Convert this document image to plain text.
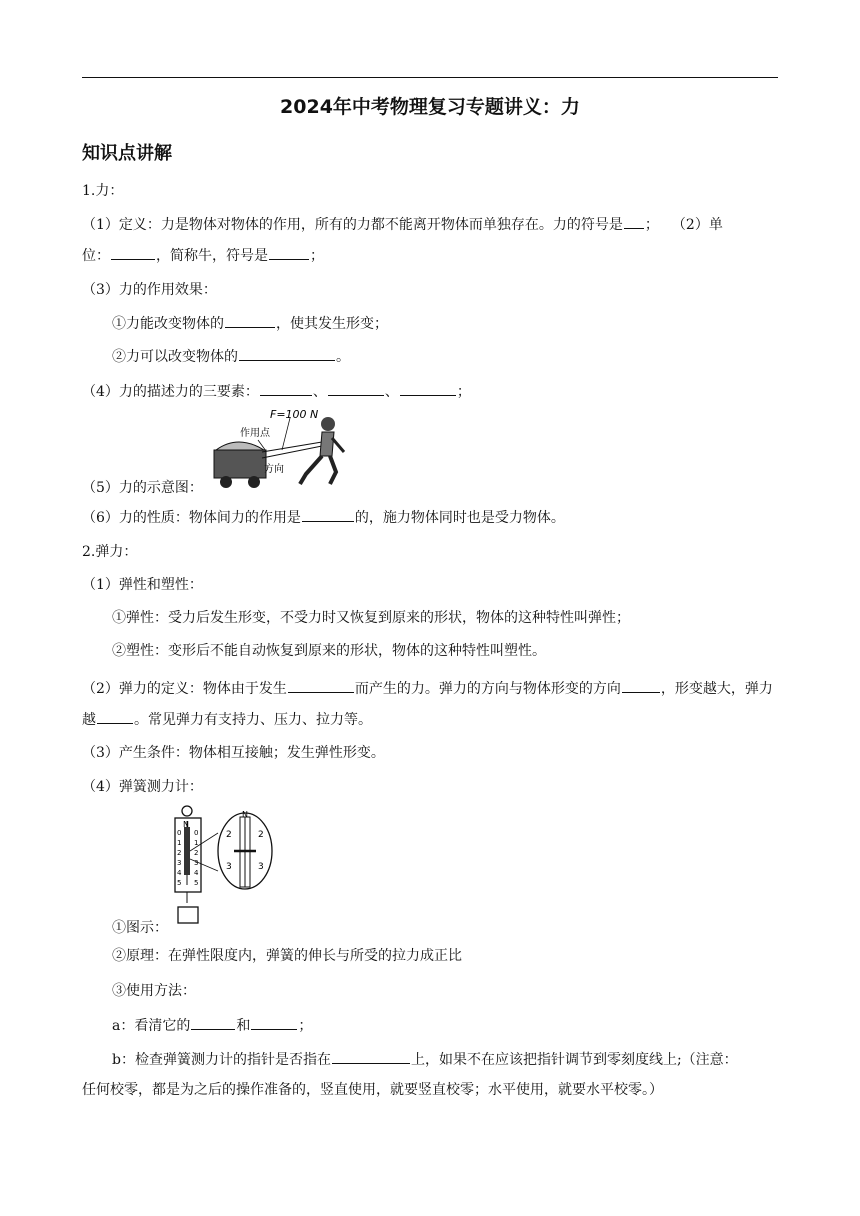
2024年中考物理复习专题讲义：力
知识点讲解
1.力：
（1）定义：力是物体对物体的作用，所有的力都不能离开物体而单独存在。力的符号是 ； （2）单
位：	，简称牛，符号是	；
（3）力的作用效果：
①力能改变物体的	，使其发生形变；
②力可以改变物体的	。
（4）力的描述力的三要素：	、	、	；
作用点
F=100 N
方向
（5）力的示意图：
（6）力的性质：物体间力的作用是	的，施力物体同时也是受力物体。
2.弹力：
（1）弹性和塑性：
①弹性：受力后发生形变，不受力时又恢复到原来的形状，物体的这种特性叫弹性；
②塑性：变形后不能自动恢复到原来的形状，物体的这种特性叫塑性。
（2）弹力的定义：物体由于发生	而产生的力。弹力的方向与物体形变的方向	，形变越大，弹力越	。常见弹力有支持力、压力、拉力等。
（3）产生条件：物体相互接触；发生弹性形变。
（4）弹簧测力计：
N
0
1
2
3
4
5
0
1
2
3
4
5
N
2	2
3	3
①图示：
②原理：在弹性限度内，弹簧的伸长与所受的拉力成正比
③使用方法：
a：看清它的	和	；
b：检查弹簧测力计的指针是否指在	上，如果不在应该把指针调节到零刻度线上;（注意：
任何校零，都是为之后的操作准备的，竖直使用，就要竖直校零；水平使用，就要水平校零。）
